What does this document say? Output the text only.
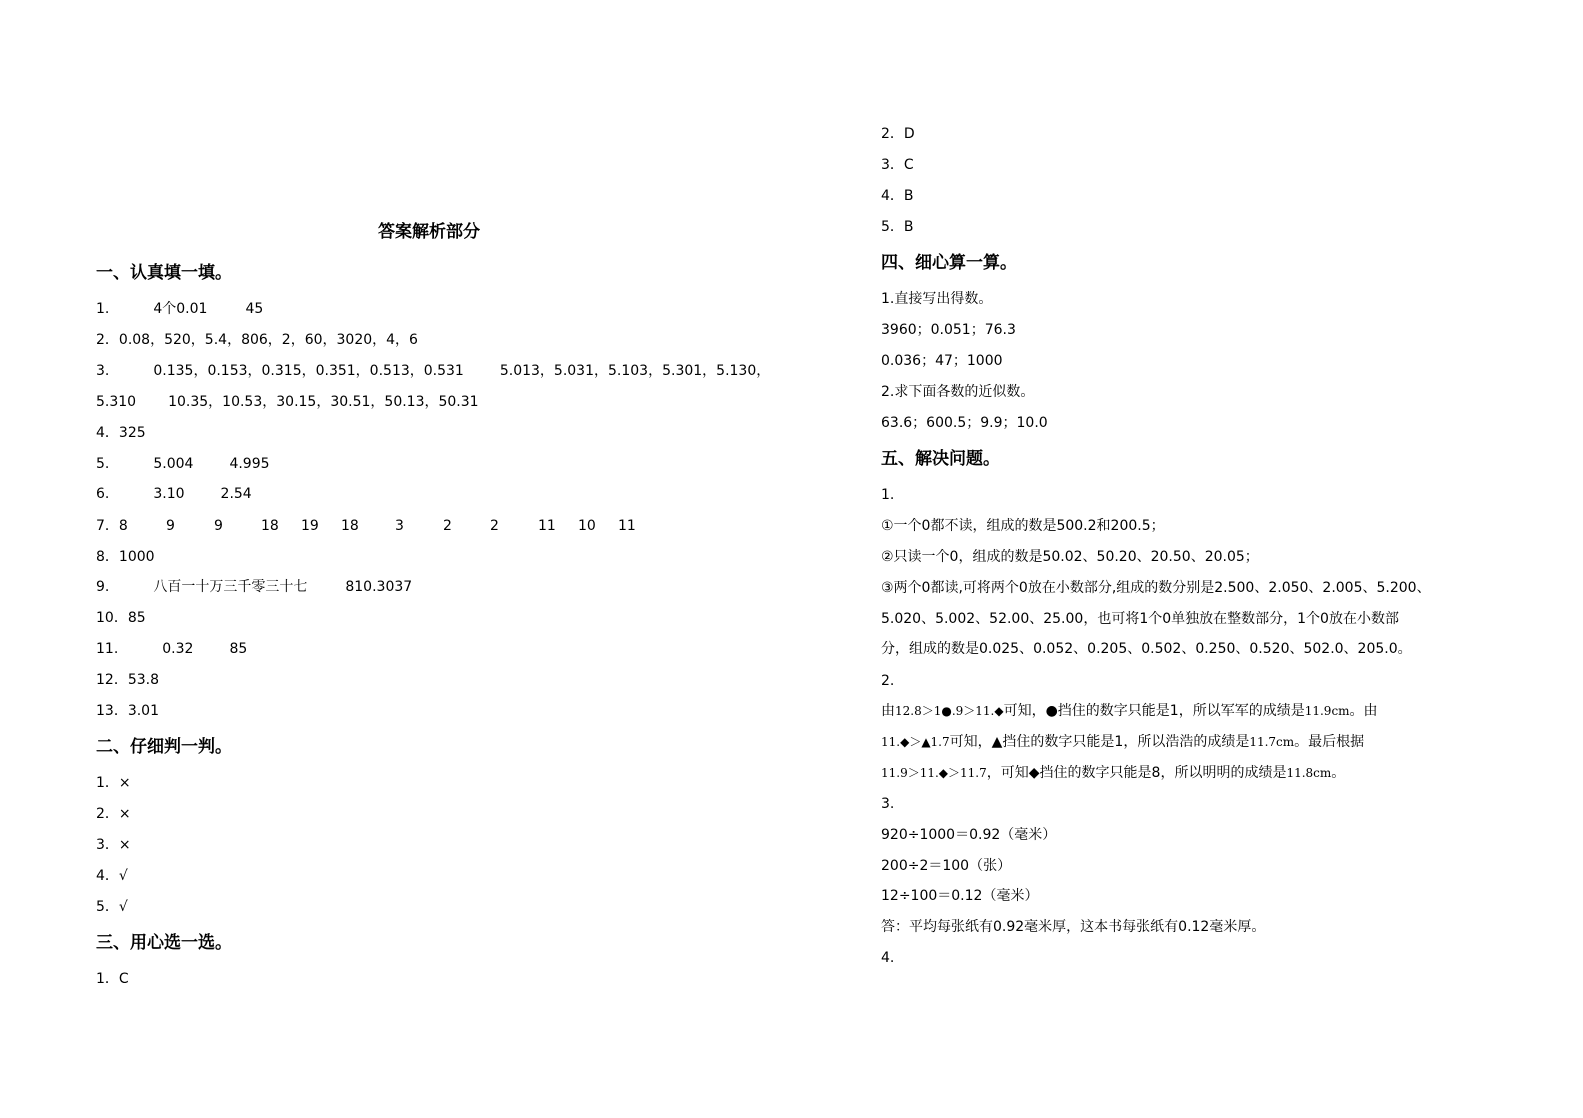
答案解析部分
一、认真填一填。
1.	4个0.01	45
2．0.08，520，5.4，806，2，60，3020，4，6
3.	0.135，0.153，0.315，0.351，0.513，0.531	5.013，5.031，5.103，5.301，5.130，
5.310 10.35，10.53，30.15，30.51，50.13，50.31
4．325
5.	5.004	4.995
6.	3.10	2.54
7．8	9	9	18 19 18	3	2	2	11 10 11
8．1000
9.	八百一十万三千零三十七	810.3037
10．85
11.	0.32	85
12．53.8
13．3.01
二、仔细判一判。
1．×
2．×
3．×
4．√
5．√
三、用心选一选。
1．C
2．D
3．C
4．B
5．B
四、细心算一算。
1.直接写出得数。
3960；0.051；76.3
0.036；47；1000
2.求下面各数的近似数。
63.6；600.5；9.9；10.0
五、解决问题。
1.
①一个0都不读，组成的数是500.2和200.5；
②只读一个0，组成的数是50.02、50.20、20.50、20.05；
③两个0都读,可将两个0放在小数部分,组成的数分别是2.500、2.050、2.005、5.200、
5.020、5.002、52.00、25.00，也可将1个0单独放在整数部分，1个0放在小数部
分，组成的数是0.025、0.052、0.205、0.502、0.250、0.520、502.0、205.0。
2.
由12.8＞1●.9＞11.◆可知，●挡住的数字只能是1，所以军军的成绩是11.9cm。由
11.◆＞▲1.7可知，▲挡住的数字只能是1，所以浩浩的成绩是11.7cm。最后根据
11.9＞11.◆＞11.7，可知◆挡住的数字只能是8，所以明明的成绩是11.8cm。
3.
920÷1000＝0.92（毫米）
200÷2＝100（张）
12÷100＝0.12（毫米）
答：平均每张纸有0.92毫米厚，这本书每张纸有0.12毫米厚。
4.
